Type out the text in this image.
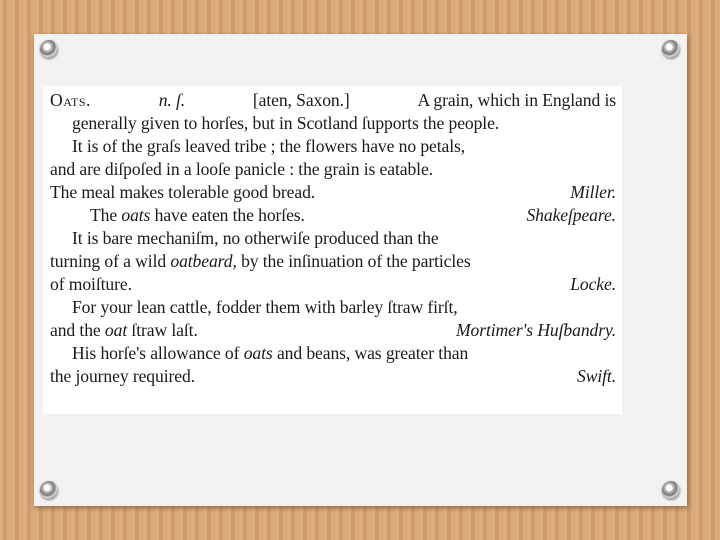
Oats.	n. ſ.	[aten, Saxon.]	A grain, which in England is
generally given to horſes, but in Scotland ſupports the people.
It is of the graſs leaved tribe ; the flowers have no petals,
and are diſpoſed in a looſe panicle : the grain is eatable.
The meal makes tolerable good bread.	Miller.
The oats have eaten the horſes.	Shakeſpeare.
It is bare mechaniſm, no otherwiſe produced than the
turning of a wild oatbeard, by the inſinuation of the particles
of moiſture.	Locke.
For your lean cattle, fodder them with barley ſtraw firſt,
and the oat ſtraw laſt.	Mortimer's Huſbandry.
His horſe's allowance of oats and beans, was greater than
the journey required.	Swift.
